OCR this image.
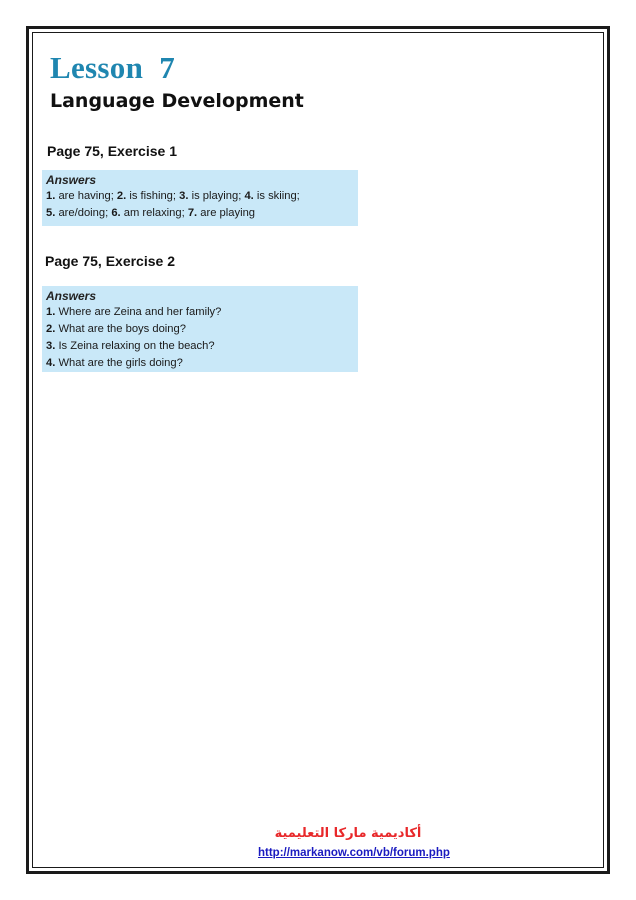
Lesson  7
Language Development
Page 75, Exercise 1
Answers
1. are having; 2. is fishing; 3. is playing; 4. is skiing;
5. are/doing; 6. am relaxing; 7. are playing
Page 75, Exercise 2
Answers
1. Where are Zeina and her family?
2. What are the boys doing?
3. Is Zeina relaxing on the beach?
4. What are the girls doing?
أكاديمية ماركا التعليمية
http://markanow.com/vb/forum.php
